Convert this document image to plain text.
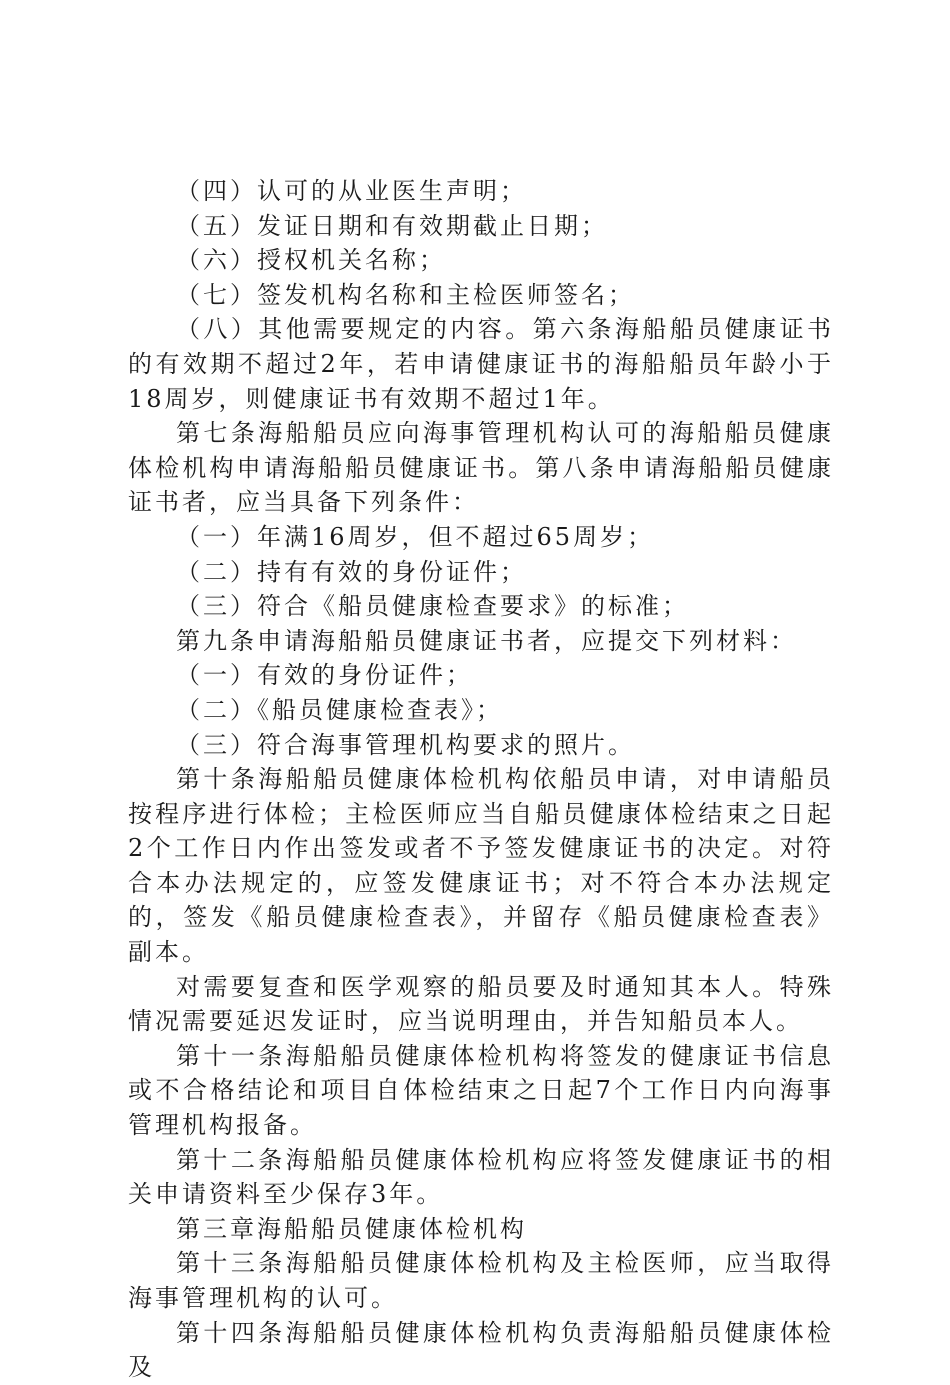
（四）认可的从业医生声明；

（五）发证日期和有效期截止日期；

（六）授权机关名称；

（七）签发机构名称和主检医师签名；

（八）其他需要规定的内容。第六条海船船员健康证书的有效期不超过2年，若申请健康证书的海船船员年龄小于18周岁，则健康证书有效期不超过1年。

第七条海船船员应向海事管理机构认可的海船船员健康体检机构申请海船船员健康证书。第八条申请海船船员健康证书者，应当具备下列条件：

（一）年满16周岁，但不超过65周岁；

（二）持有有效的身份证件；

（三）符合《船员健康检查要求》的标准；

第九条申请海船船员健康证书者，应提交下列材料：

（一）有效的身份证件；

（二）《船员健康检查表》；

（三）符合海事管理机构要求的照片。

第十条海船船员健康体检机构依船员申请，对申请船员按程序进行体检；主检医师应当自船员健康体检结束之日起2个工作日内作出签发或者不予签发健康证书的决定。对符合本办法规定的，应签发健康证书；对不符合本办法规定的，签发《船员健康检查表》，并留存《船员健康检查表》副本。

对需要复查和医学观察的船员要及时通知其本人。特殊情况需要延迟发证时，应当说明理由，并告知船员本人。

第十一条海船船员健康体检机构将签发的健康证书信息或不合格结论和项目自体检结束之日起7个工作日内向海事管理机构报备。

第十二条海船船员健康体检机构应将签发健康证书的相关申请资料至少保存3年。

第三章海船船员健康体检机构

第十三条海船船员健康体检机构及主检医师，应当取得海事管理机构的认可。

第十四条海船船员健康体检机构负责海船船员健康体检及
